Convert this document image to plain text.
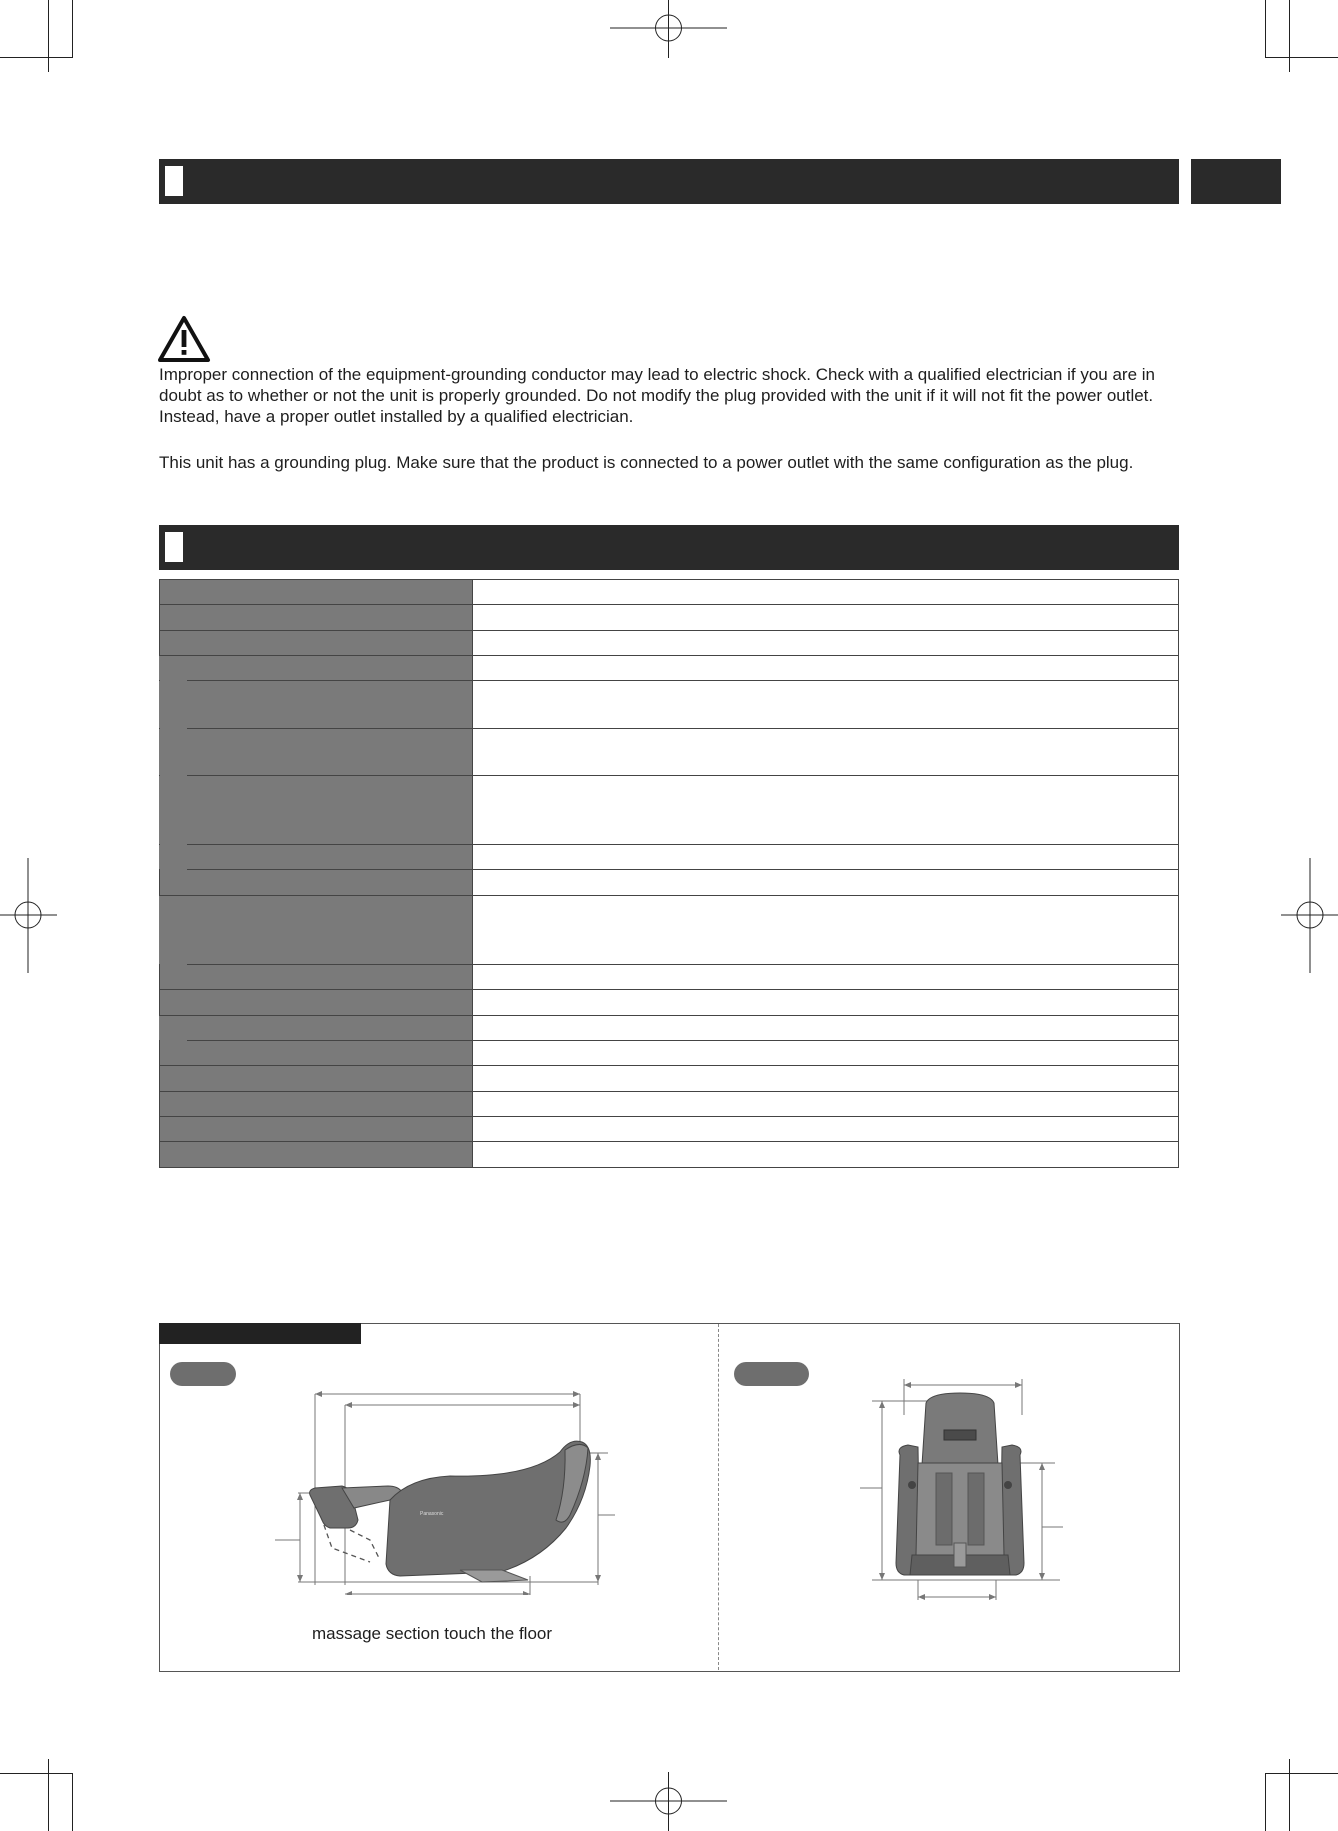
Improper connection of the equipment-grounding conductor may lead to electric shock. Check with a qualified electrician if you are in doubt as to whether or not the unit is properly grounded. Do not modify the plug provided with the unit if it will not fit the power outlet. Instead, have a proper outlet installed by a qualified electrician.
This unit has a grounding plug. Make sure that the product is connected to a power outlet with the same configuration as the plug.

Panasonic
massage section touch the floor
